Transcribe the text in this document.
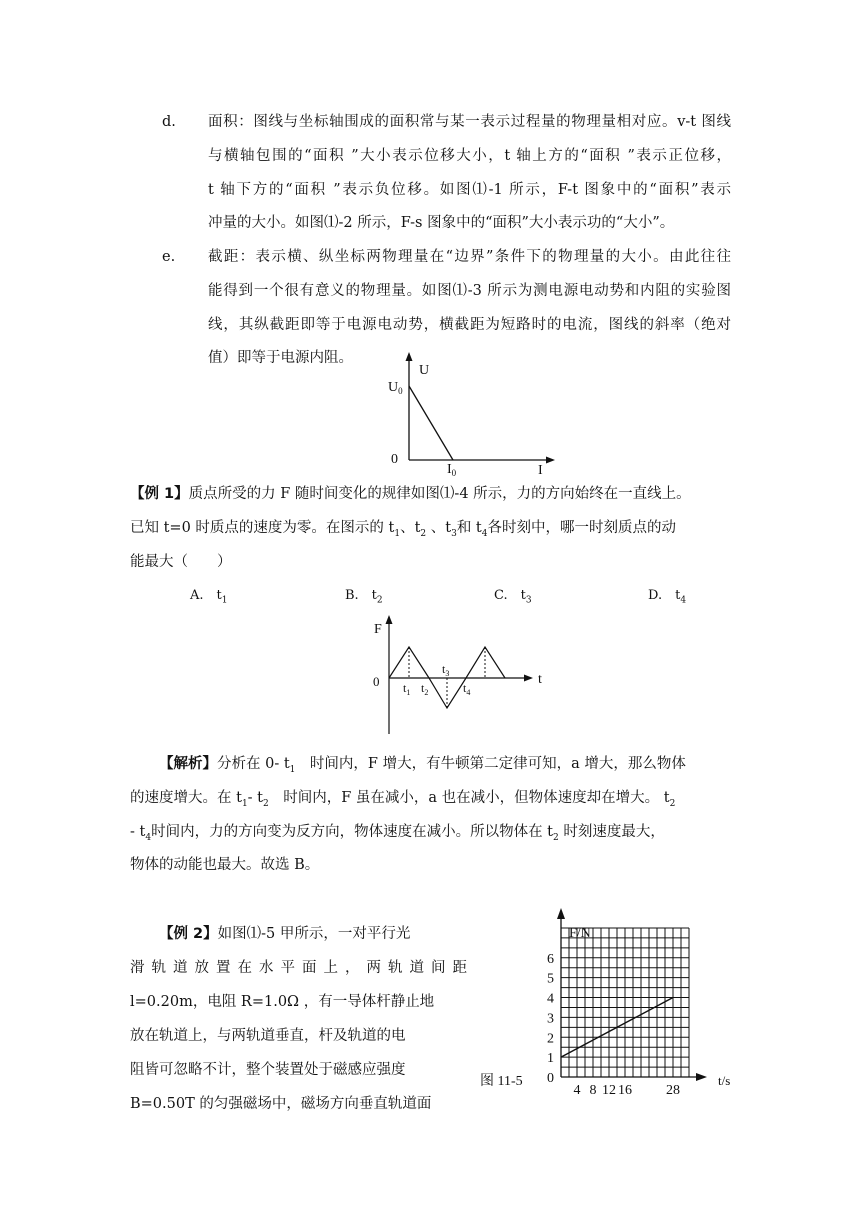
d. 面积：图线与坐标轴围成的面积常与某一表示过程量的物理量相对应。v-t 图线
与横轴包围的“面积 ”大小表示位移大小，t 轴上方的“面积 ”表示正位移，
t 轴下方的“面积 ”表示负位移。如图⑴-1 所示，F-t 图象中的“面积”表示
冲量的大小。如图⑴-2 所示，F-s 图象中的“面积”大小表示功的“大小”。
e. 截距：表示横、纵坐标两物理量在“边界”条件下的物理量的大小。由此往往
能得到一个很有意义的物理量。如图⑴-3 所示为测电源电动势和内阻的实验图
线，其纵截距即等于电源电动势，横截距为短路时的电流，图线的斜率（绝对
值）即等于电源内阻。
U
$U_0$
0
$I_0$	I
【例 1】质点所受的力 F 随时间变化的规律如图⑴-4 所示，力的方向始终在一直线上。
已知 t=0 时质点的速度为零。在图示的 $t_1$、$t_2$ 、$t_3$和 $t_4$各时刻中，哪一时刻质点的动
能最大（　　）
A.　$t_1$	B.　$t_2$	C.　$t_3$	D.　$t_4$
F
t
0 $t_1$ $t_2$
$t_3$
$t_4$
【解析】分析在 0- $t_1$　时间内，F 增大，有牛顿第二定律可知，a 增大，那么物体
的速度增大。在 $t_1-$ $t_2$　时间内，F 虽在减小，a 也在减小，但物体速度却在增大。 $t_2$
- $t_4$时间内，力的方向变为反方向，物体速度在减小。所以物体在 $t_2$ 时刻速度最大，
物体的动能也最大。故选 B。
【例 2】如图⑴-5 甲所示，一对平行光
滑 轨 道 放 置 在 水 平 面 上 ， 两 轨 道 间 距
l=0.20m，电阻 R=1.0Ω ，有一导体杆静止地
放在轨道上，与两轨道垂直，杆及轨道的电
阻皆可忽略不计，整个装置处于磁感应强度
B=0.50T 的匀强磁场中，磁场方向垂直轨道面
0
1
2
3
4
5
6
4 8 12 16 28
F/N
t/s
图 11-5
